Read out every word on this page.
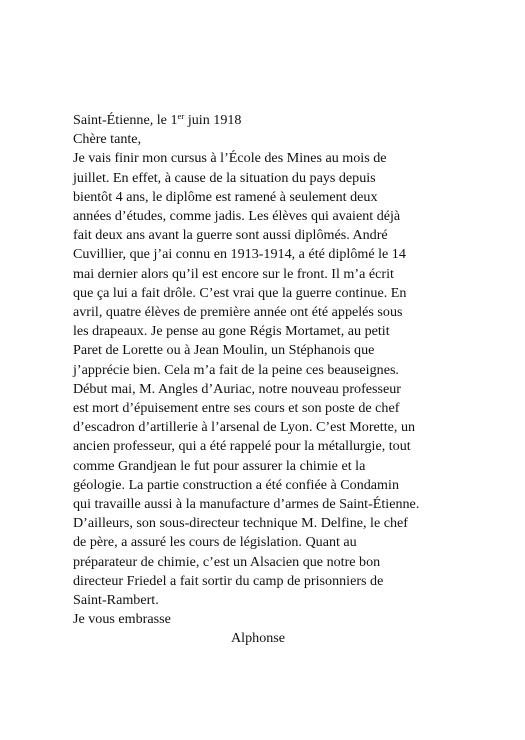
Saint-Étienne, le 1er juin 1918
Chère tante,
Je vais finir mon cursus à l’École des Mines au mois de
juillet. En effet, à cause de la situation du pays depuis
bientôt 4 ans, le diplôme est ramené à seulement deux
années d’études, comme jadis. Les élèves qui avaient déjà
fait deux ans avant la guerre sont aussi diplômés. André
Cuvillier, que j’ai connu en 1913-1914, a été diplômé le 14
mai dernier alors qu’il est encore sur le front. Il m’a écrit
que ça lui a fait drôle. C’est vrai que la guerre continue. En
avril, quatre élèves de première année ont été appelés sous
les drapeaux. Je pense au gone Régis Mortamet, au petit
Paret de Lorette ou à Jean Moulin, un Stéphanois que
j’apprécie bien. Cela m’a fait de la peine ces beauseignes.
Début mai, M. Angles d’Auriac, notre nouveau professeur
est mort d’épuisement entre ses cours et son poste de chef
d’escadron d’artillerie à l’arsenal de Lyon. C’est Morette, un
ancien professeur, qui a été rappelé pour la métallurgie, tout
comme Grandjean le fut pour assurer la chimie et la
géologie. La partie construction a été confiée à Condamin
qui travaille aussi à la manufacture d’armes de Saint-Étienne.
D’ailleurs, son sous-directeur technique M. Delfine, le chef
de père, a assuré les cours de législation. Quant au
préparateur de chimie, c’est un Alsacien que notre bon
directeur Friedel a fait sortir du camp de prisonniers de
Saint-Rambert.
Je vous embrasse
Alphonse
